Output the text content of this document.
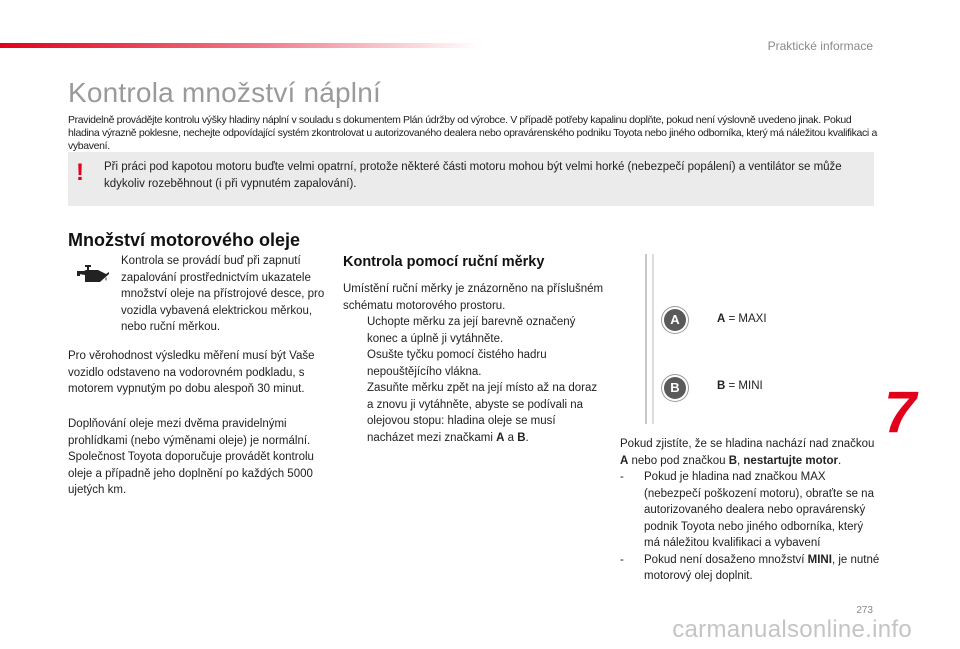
Praktické informace
Kontrola množství náplní
Pravidelně provádějte kontrolu výšky hladiny náplní v souladu s dokumentem Plán údržby od výrobce. V případě potřeby kapalinu doplňte, pokud není výslovně uvedeno jinak. Pokud hladina výrazně poklesne, nechejte odpovídající systém zkontrolovat u autorizovaného dealera nebo opravárenského podniku Toyota nebo jiného odborníka, který má náležitou kvalifikaci a vybavení.
!	Při práci pod kapotou motoru buďte velmi opatrní, protože některé části motoru mohou být velmi horké (nebezpečí popálení) a ventilátor se může kdykoliv rozeběhnout (i při vypnutém zapalování).
Množství motorového oleje
Kontrola se provádí buď při zapnutí zapalování prostřednictvím ukazatele množství oleje na přístrojové desce, pro vozidla vybavená elektrickou měrkou, nebo ruční měrkou.
Pro věrohodnost výsledku měření musí být Vaše vozidlo odstaveno na vodorovném podkladu, s motorem vypnutým po dobu alespoň 30 minut.
Doplňování oleje mezi dvěma pravidelnými prohlídkami (nebo výměnami oleje) je normální. Společnost Toyota doporučuje provádět kontrolu oleje a případně jeho doplnění po každých 5000 ujetých km.
Kontrola pomocí ruční měrky
Umístění ruční měrky je znázorněno na příslušném schématu motorového prostoru.
Uchopte měrku za její barevně označený konec a úplně ji vytáhněte.
Osušte tyčku pomocí čistého hadru nepouštějícího vlákna.
Zasuňte měrku zpět na její místo až na doraz a znovu ji vytáhněte, abyste se podívali na olejovou stopu: hladina oleje se musí nacházet mezi značkami A a B.
A
B
A = MAXI
B = MINI
Pokud zjistíte, že se hladina nachází nad značkou A nebo pod značkou B, nestartujte motor.
- Pokud je hladina nad značkou MAX (nebezpečí poškození motoru), obraťte se na autorizovaného dealera nebo opravárenský podnik Toyota nebo jiného odborníka, který má náležitou kvalifikaci a vybavení
- Pokud není dosaženo množství MINI, je nutné motorový olej doplnit.
7
273
carmanualsonline.info
